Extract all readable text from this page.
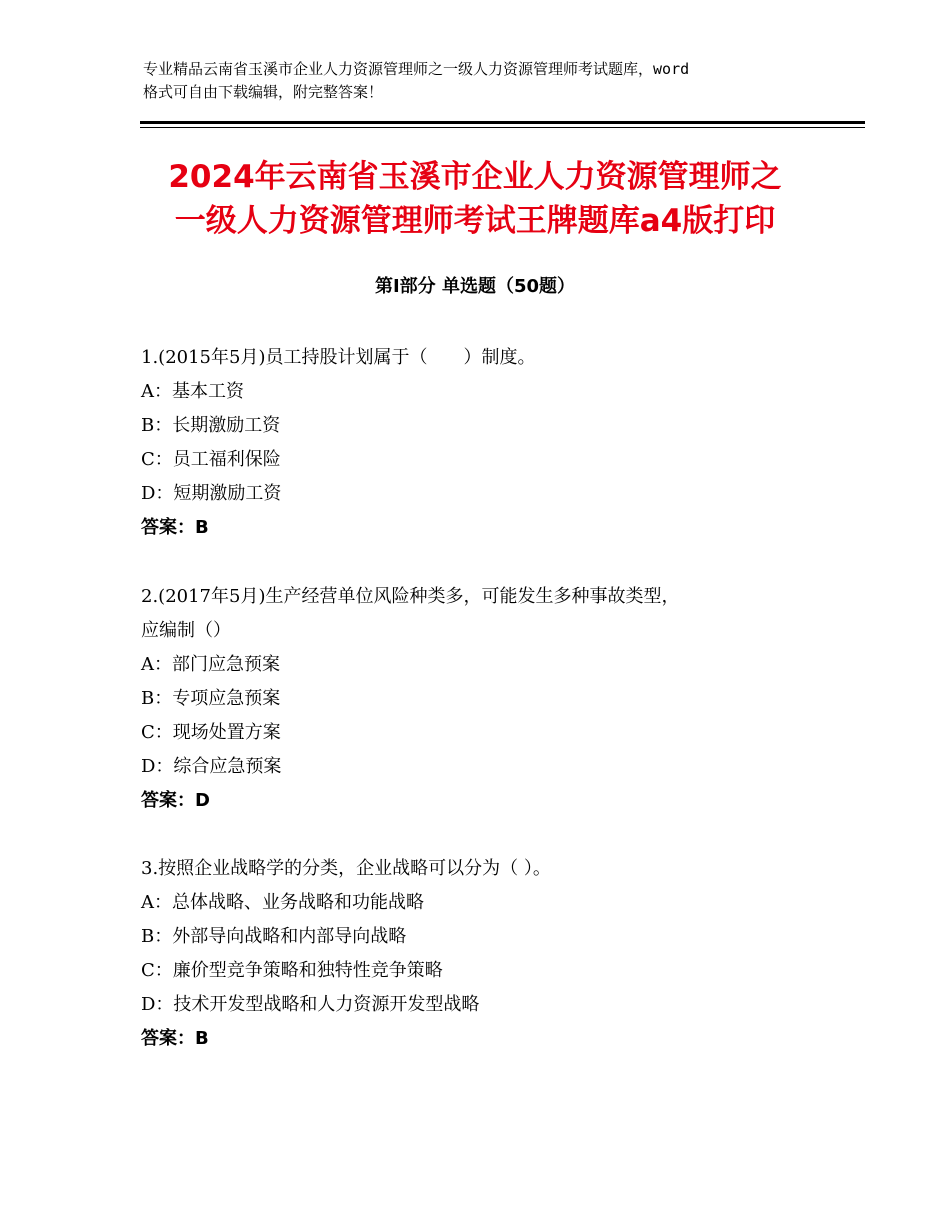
专业精品云南省玉溪市企业人力资源管理师之一级人力资源管理师考试题库，word
格式可自由下载编辑，附完整答案！
2024年云南省玉溪市企业人力资源管理师之
一级人力资源管理师考试王牌题库a4版打印
第Ⅰ部分 单选题（50题）
1.(2015年5月)员工持股计划属于（　　）制度。
A：基本工资
B：长期激励工资
C：员工福利保险
D：短期激励工资
答案：B
2.(2017年5月)生产经营单位风险种类多，可能发生多种事故类型，
应编制（）
A：部门应急预案
B：专项应急预案
C：现场处置方案
D：综合应急预案
答案：D
3.按照企业战略学的分类，企业战略可以分为（ ）。
A：总体战略、业务战略和功能战略
B：外部导向战略和内部导向战略
C：廉价型竞争策略和独特性竞争策略
D：技术开发型战略和人力资源开发型战略
答案：B
